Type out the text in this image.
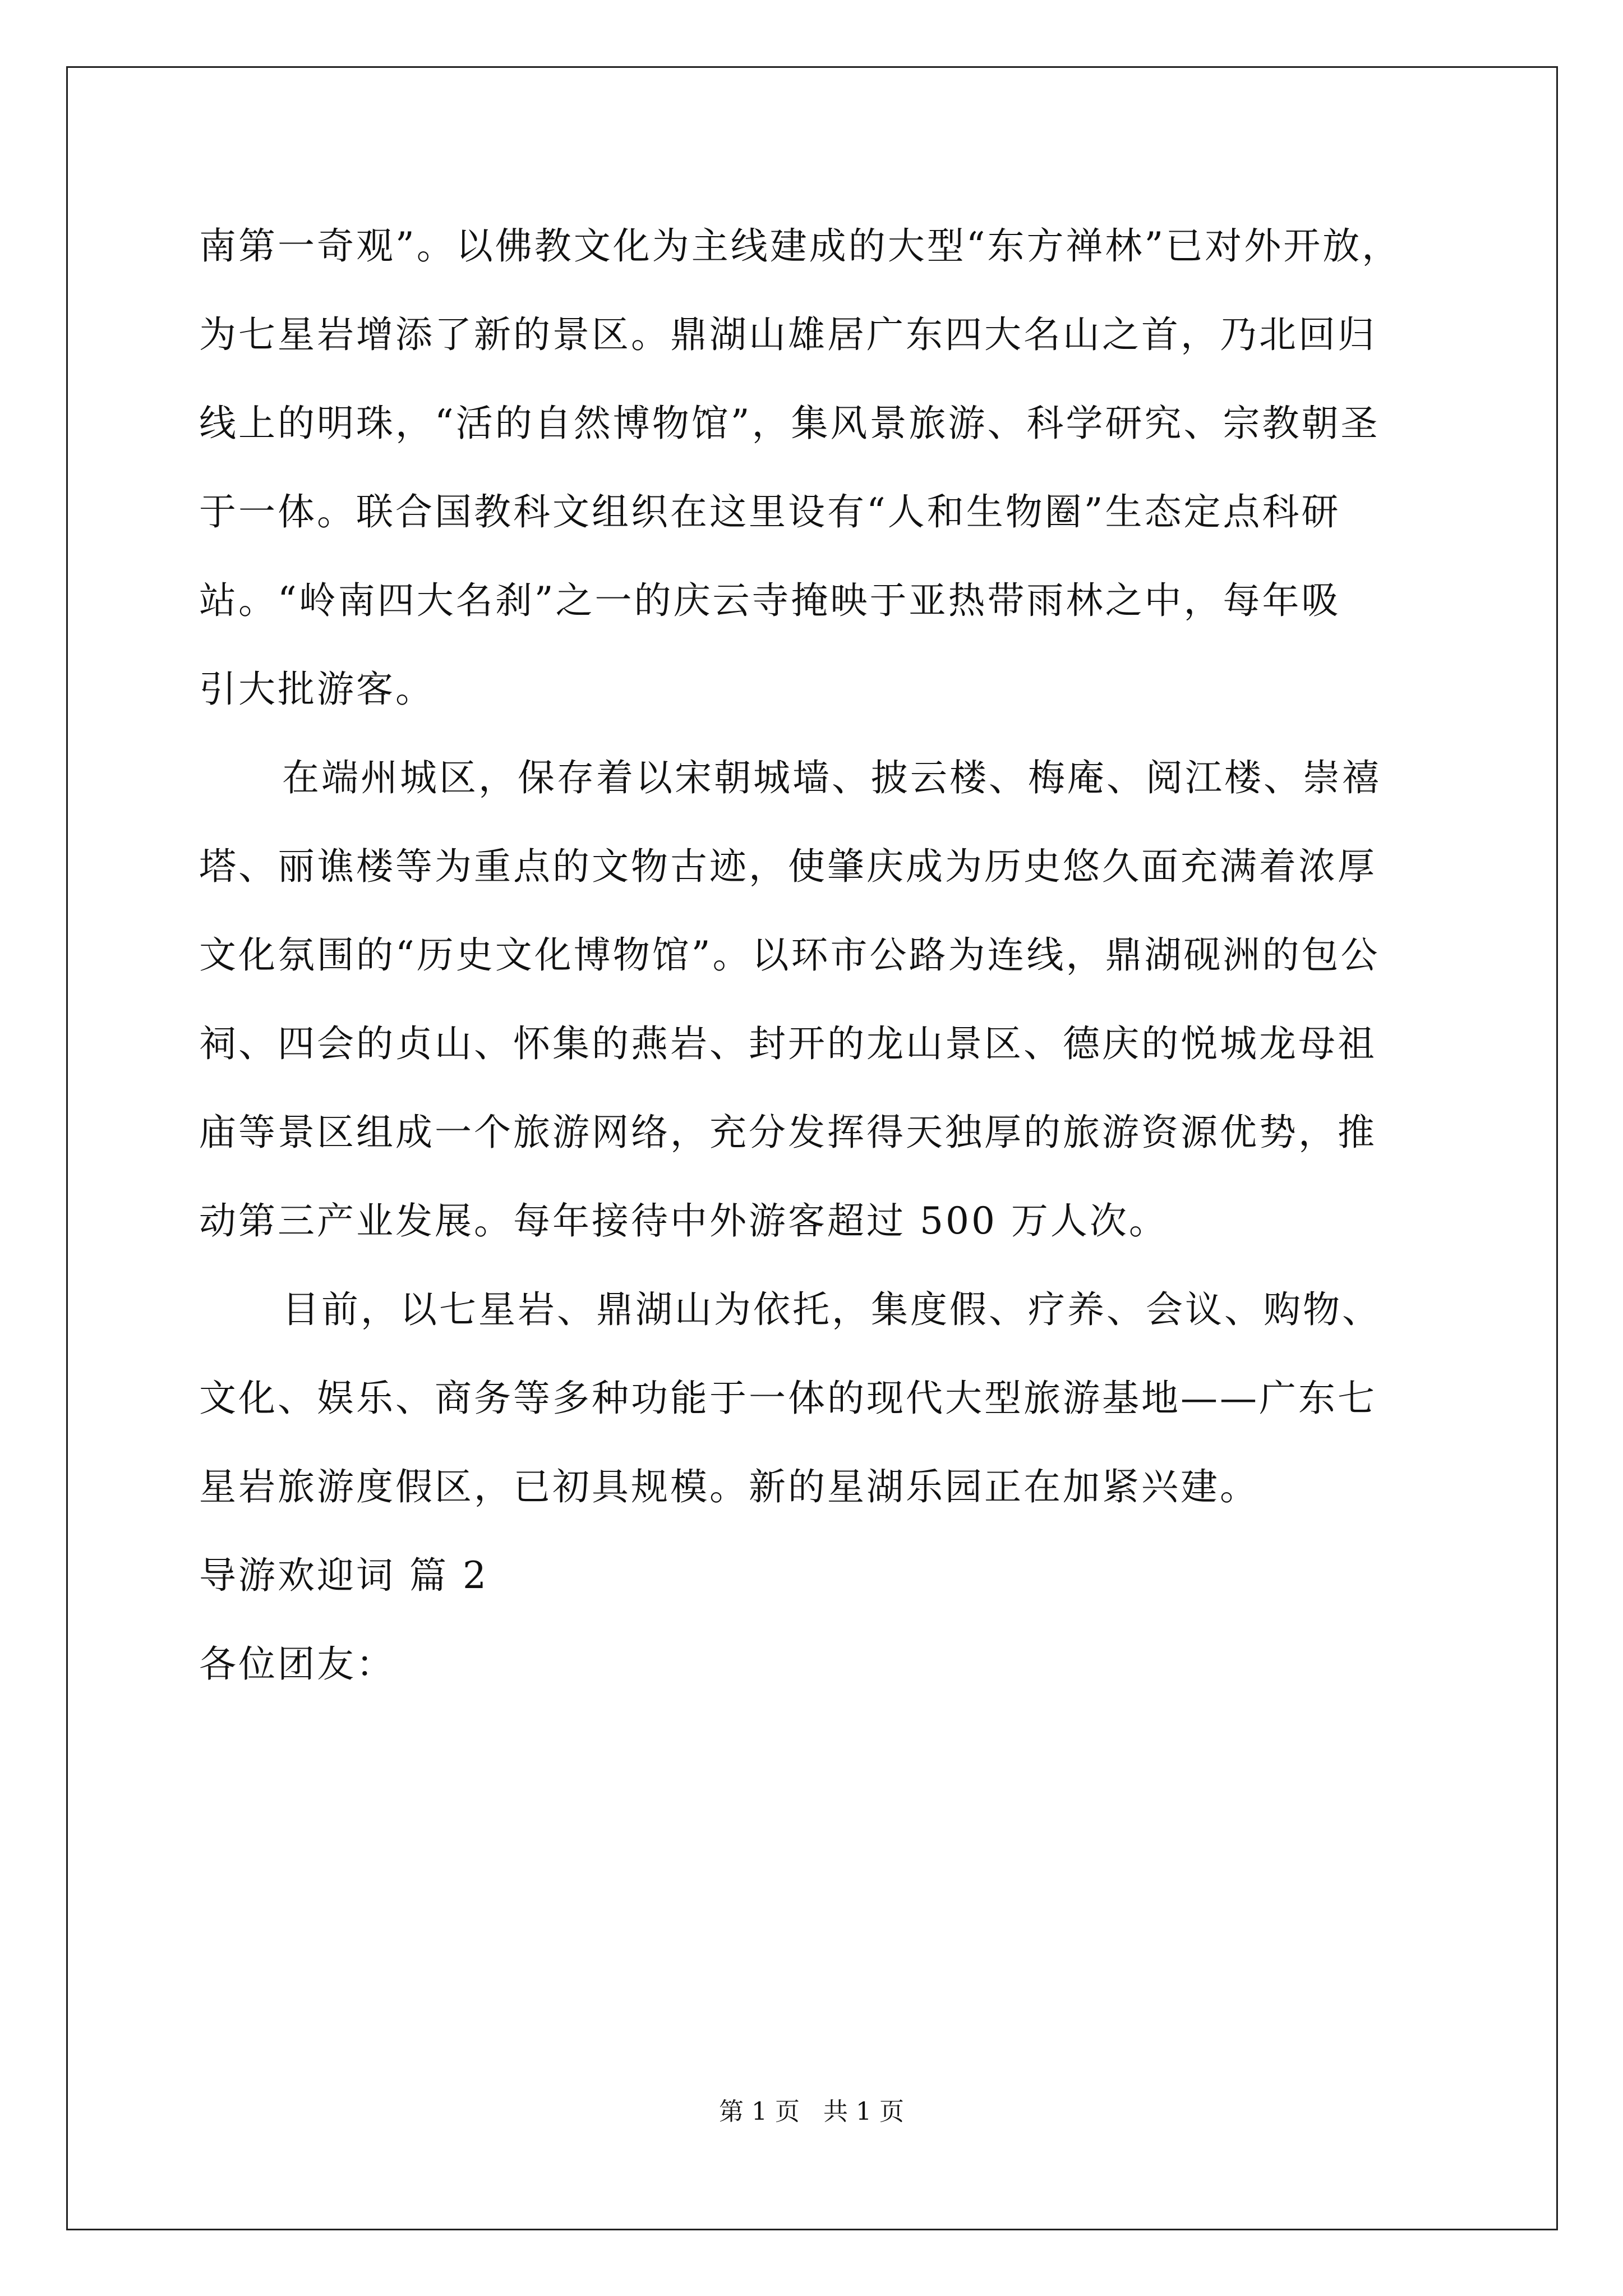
南第一奇观”。以佛教文化为主线建成的大型“东方禅林”已对外开放，
为七星岩增添了新的景区。鼎湖山雄居广东四大名山之首，乃北回归
线上的明珠，“活的自然博物馆”，集风景旅游、科学研究、宗教朝圣
于一体。联合国教科文组织在这里设有“人和生物圈”生态定点科研
站。“岭南四大名刹”之一的庆云寺掩映于亚热带雨林之中，每年吸
引大批游客。
在端州城区，保存着以宋朝城墙、披云楼、梅庵、阅江楼、崇禧
塔、丽谯楼等为重点的文物古迹，使肇庆成为历史悠久面充满着浓厚
文化氛围的“历史文化博物馆”。以环市公路为连线，鼎湖砚洲的包公
祠、四会的贞山、怀集的燕岩、封开的龙山景区、德庆的悦城龙母祖
庙等景区组成一个旅游网络，充分发挥得天独厚的旅游资源优势，推
动第三产业发展。每年接待中外游客超过 500 万人次。
目前，以七星岩、鼎湖山为依托，集度假、疗养、会议、购物、
文化、娱乐、商务等多种功能于一体的现代大型旅游基地——广东七
星岩旅游度假区，已初具规模。新的星湖乐园正在加紧兴建。
导游欢迎词 篇 2
各位团友：
第 1 页   共 1 页
